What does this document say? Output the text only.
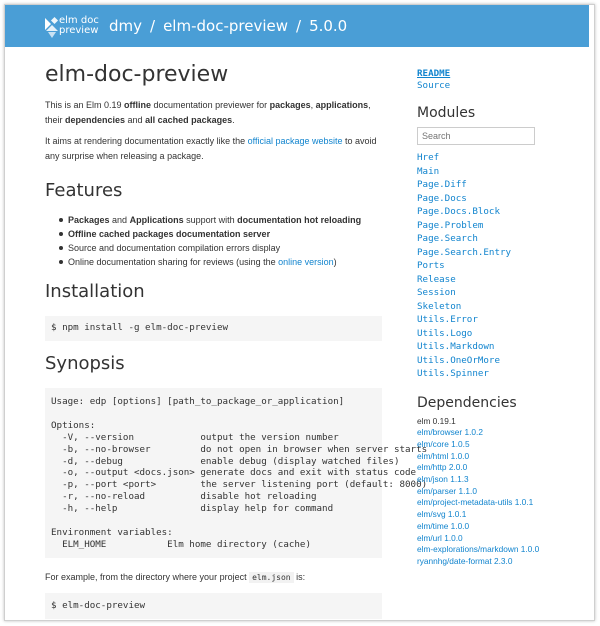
elm doc
preview dmy / elm-doc-preview / 5.0.0
elm-doc-preview

This is an Elm 0.19 offline documentation previewer for packages, applications, their dependencies and all cached packages.

It aims at rendering documentation exactly like the official package website to avoid any surprise when releasing a package.

Features
Packages and Applications support with documentation hot reloading
Offline cached packages documentation server
Source and documentation compilation errors display
Online documentation sharing for reviews (using the online version)
Installation
$ npm install -g elm-doc-preview
Synopsis
Usage: edp [options] [path_to_package_or_application]

Options:
-V, --version            output the version number
-b, --no-browser         do not open in browser when server
-d, --debug              enable debug (display watched files)
-o, --output <docs.json> generate docs and exit with status
-p, --port <port>        the server listening port (default:
-r, --no-reload          disable hot reloading
-h, --help               display help for command

Environment variables:
ELM_HOME           Elm home directory (cache)

For example, from the directory where your project elm.json is:

$ elm-doc-preview
README
Source
Modules
Search
Href
Main
Page.Diff
Page.Docs
Page.Docs.Block
Page.Problem
Page.Search
Page.Search.Entry
Ports
Release
Session
Skeleton
Utils.Error
Utils.Logo
Utils.Markdown
Utils.OneOrMore
Utils.Spinner
Dependencies
elm 0.19.1
elm/browser 1.0.2
elm/core 1.0.5
elm/html 1.0.0
elm/http 2.0.0
elm/json 1.1.3
elm/parser 1.1.0
elm/project-metadata-utils 1.0.1
elm/svg 1.0.1
elm/time 1.0.0
elm/url 1.0.0
elm-explorations/markdown 1.0.0
ryannhg/date-format 2.3.0
